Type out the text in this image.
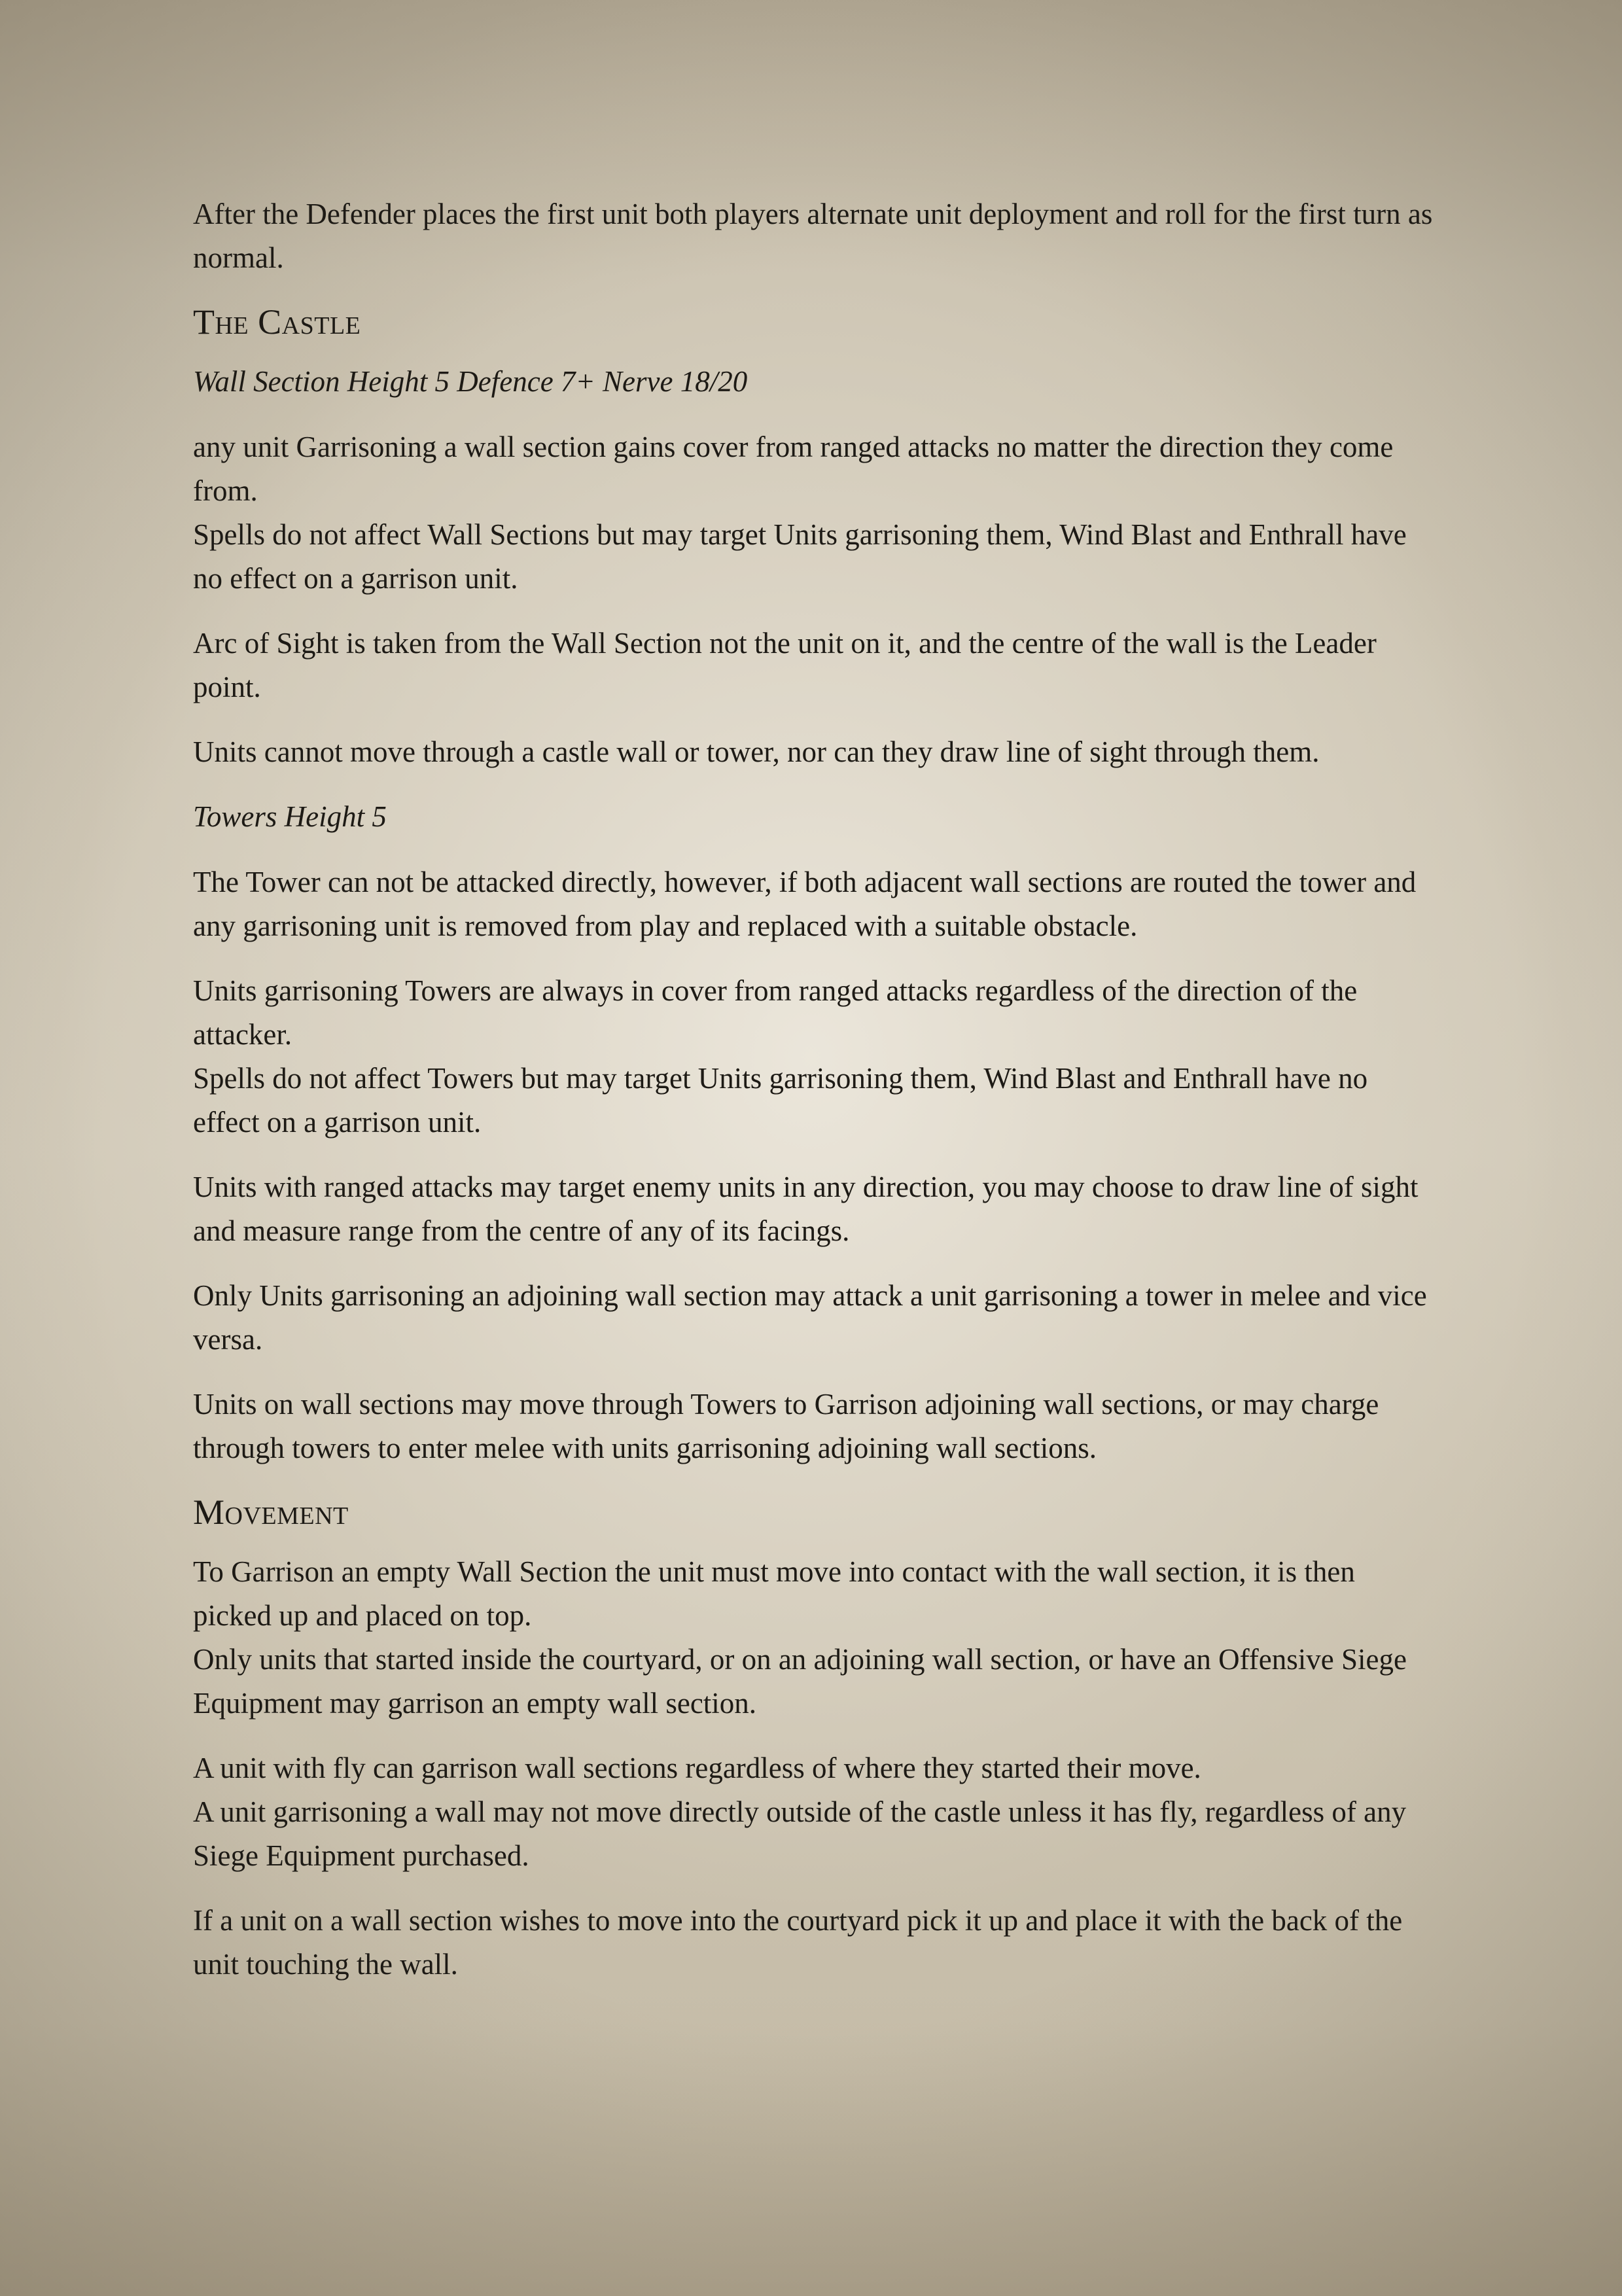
After the Defender places the first unit both players alternate unit deployment and roll for the first turn as normal.

The Castle
Wall Section Height 5 Defence 7+ Nerve 18/20

any unit Garrisoning a wall section gains cover from ranged attacks no matter the direction they come from.
Spells do not affect Wall Sections but may target Units garrisoning them, Wind Blast and Enthrall have no effect on a garrison unit.

Arc of Sight is taken from the Wall Section not the unit on it, and the centre of the wall is the Leader point.

Units cannot move through a castle wall or tower, nor can they draw line of sight through them.

Towers Height 5

The Tower can not be attacked directly, however, if both adjacent wall sections are routed the tower and any garrisoning unit is removed from play and replaced with a suitable obstacle.

Units garrisoning Towers are always in cover from ranged attacks regardless of the direction of the attacker.
Spells do not affect Towers but may target Units garrisoning them, Wind Blast and Enthrall have no effect on a garrison unit.

Units with ranged attacks may target enemy units in any direction, you may choose to draw line of sight and measure range from the centre of any of its facings.

Only Units garrisoning an adjoining wall section may attack a unit garrisoning a tower in melee and vice versa.

Units on wall sections may move through Towers to Garrison adjoining wall sections, or may charge through towers to enter melee with units garrisoning adjoining wall sections.

Movement

To Garrison an empty Wall Section the unit must move into contact with the wall section, it is then picked up and placed on top.
Only units that started inside the courtyard, or on an adjoining wall section, or have an Offensive Siege Equipment may garrison an empty wall section.

A unit with fly can garrison wall sections regardless of where they started their move.
A unit garrisoning a wall may not move directly outside of the castle unless it has fly, regardless of any Siege Equipment purchased.

If a unit on a wall section wishes to move into the courtyard pick it up and place it with the back of the unit touching the wall.
